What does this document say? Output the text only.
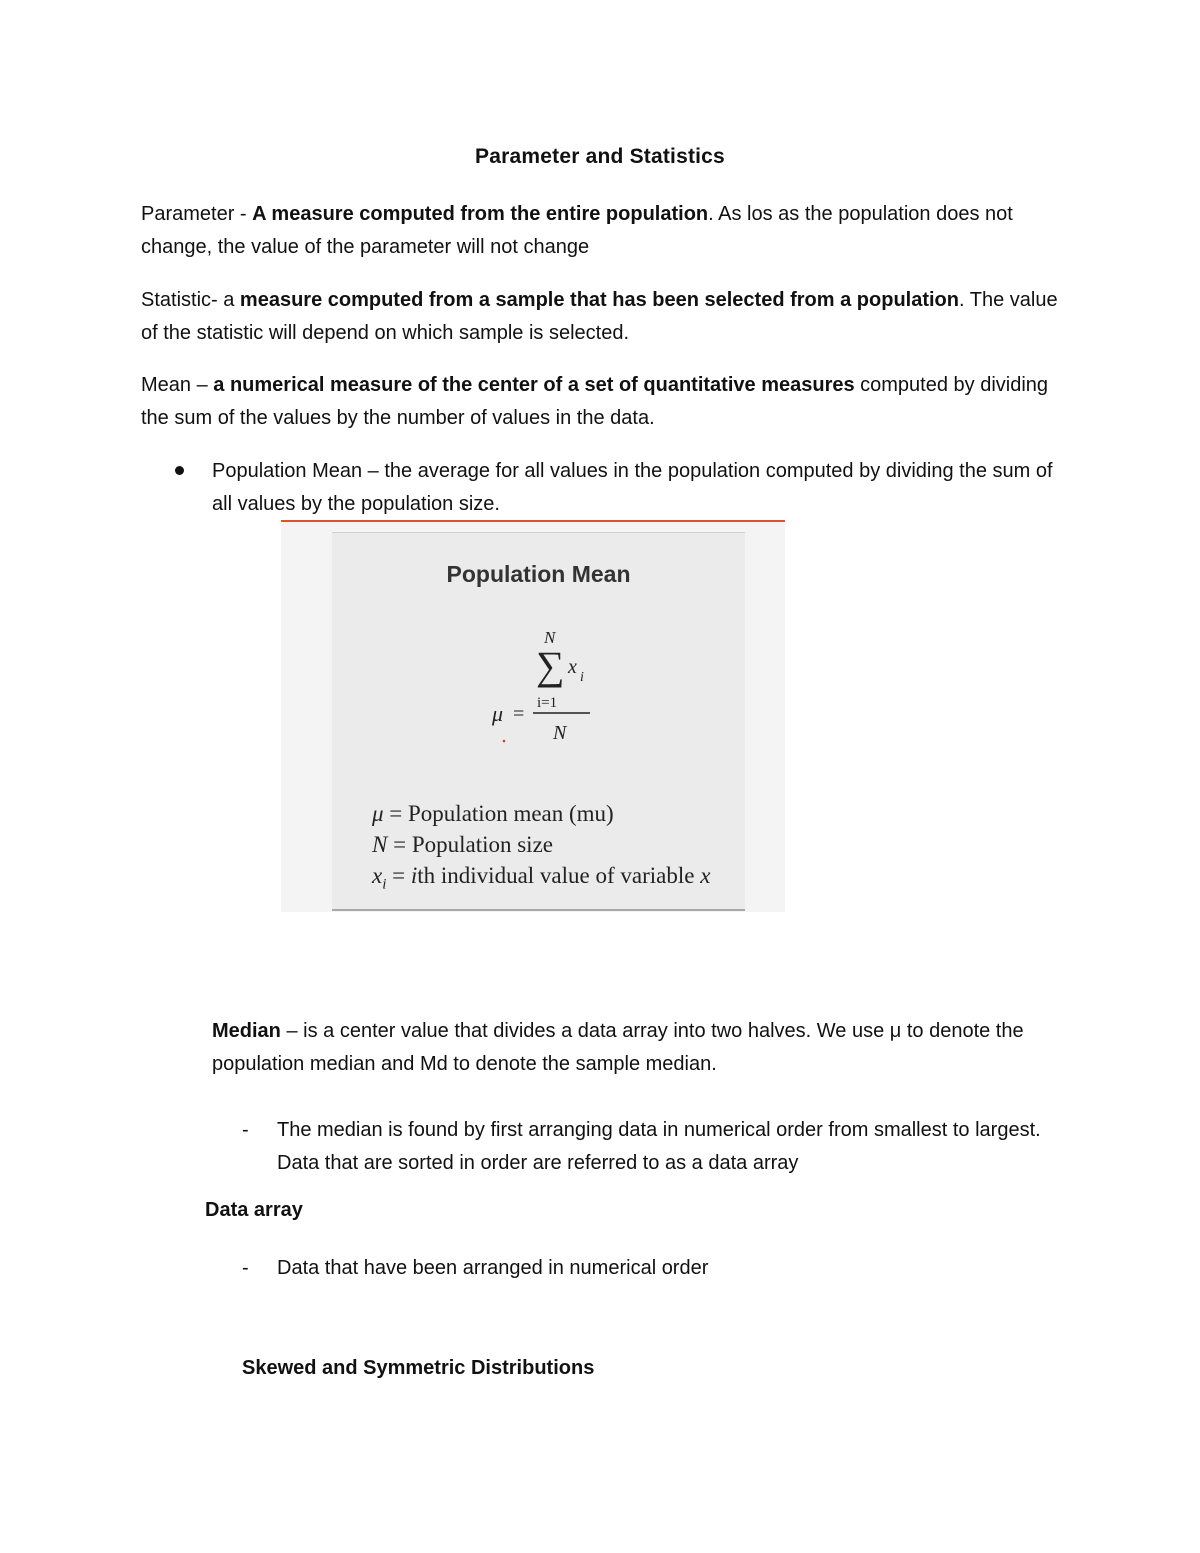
Parameter and Statistics

Parameter - A measure computed from the entire population. As los as the population does not change, the value of the parameter will not change

Statistic- a measure computed from a sample that has been selected from a population. The value of the statistic will depend on which sample is selected.

Mean – a numerical measure of the center of a set of quantitative measures computed by dividing the sum of the values by the number of values in the data.

Population Mean – the average for all values in the population computed by dividing the sum of all values by the population size.

Population Mean
N
∑ x i
i=1
μ =
N
μ = Population mean (mu)
N = Population size
$x_i$ = ith individual value of variable x

Median – is a center value that divides a data array into two halves. We use μ to denote the population median and Md to denote the sample median.

- The median is found by first arranging data in numerical order from smallest to largest. Data that are sorted in order are referred to as a data array

Data array
- Data that have been arranged in numerical order

Skewed and Symmetric Distributions
